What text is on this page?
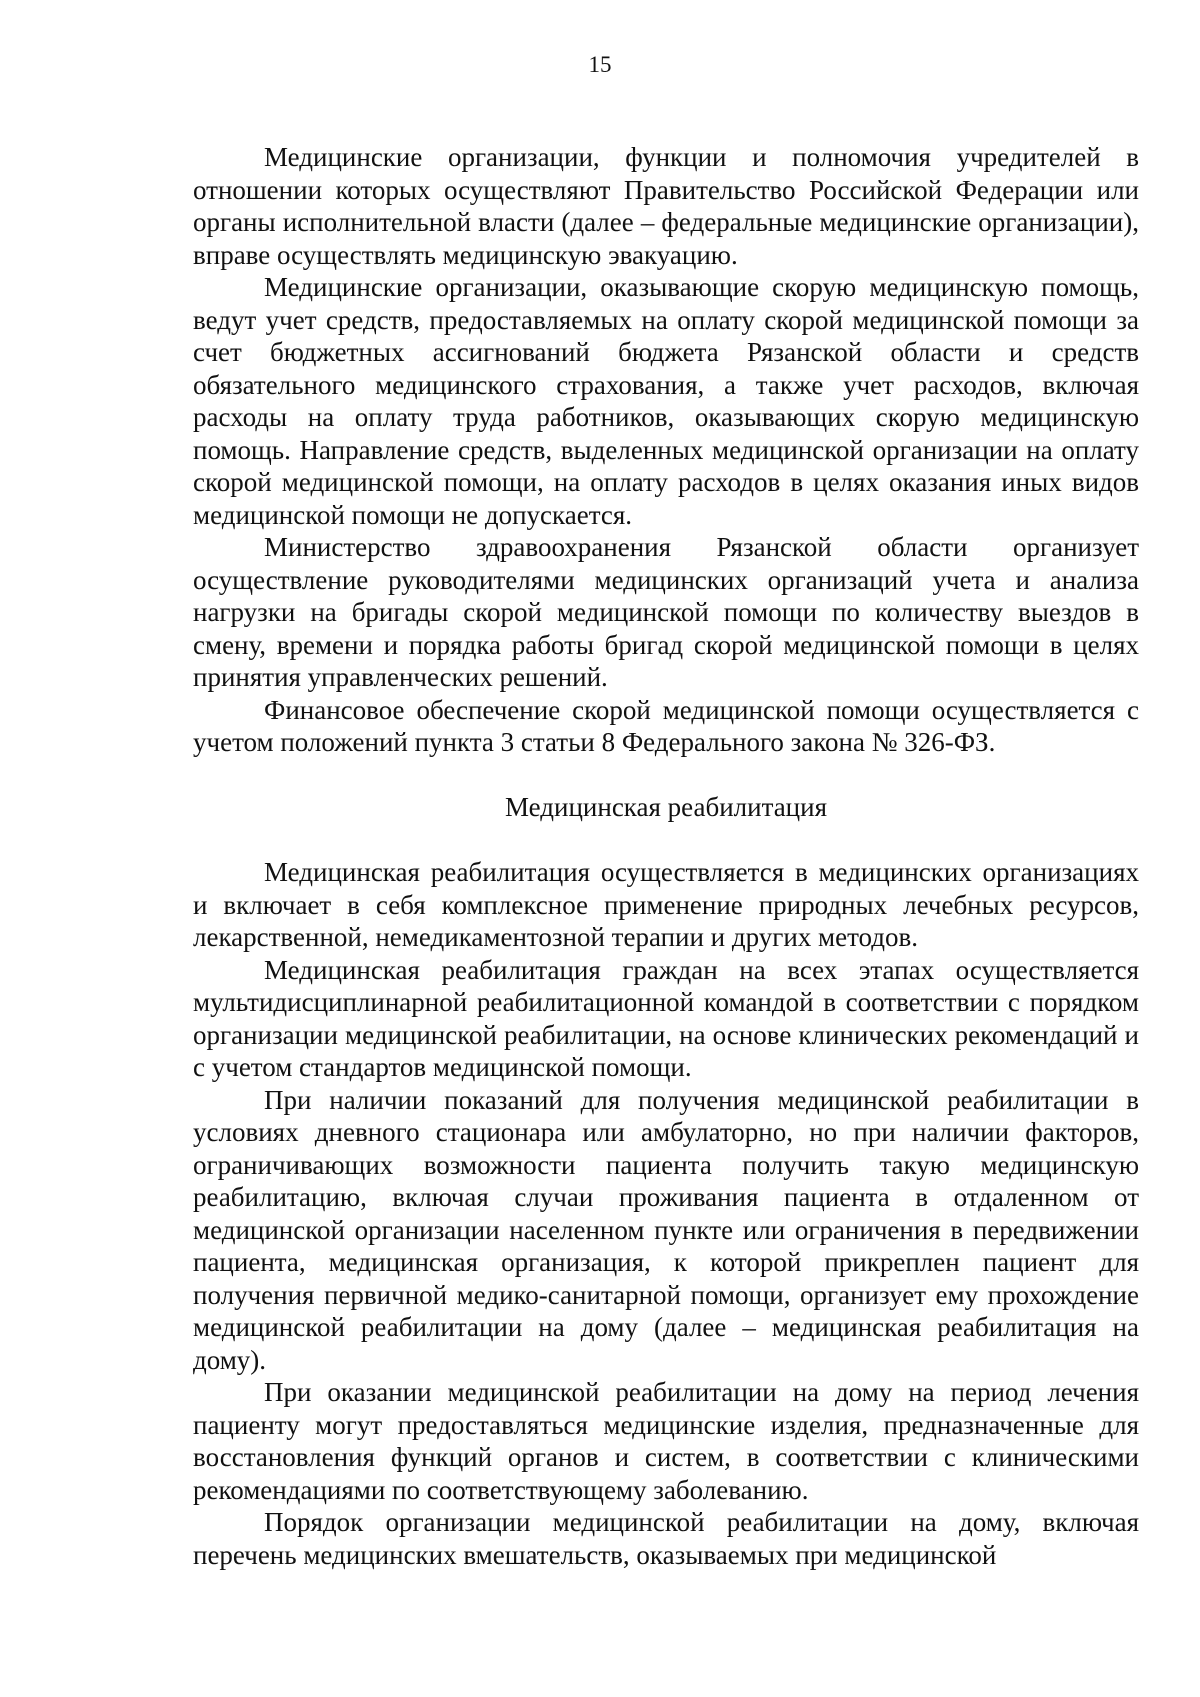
15

Медицинские организации, функции и полномочия учредителей в отношении которых осуществляют Правительство Российской Федерации или органы исполнительной власти (далее – федеральные медицинские организации), вправе осуществлять медицинскую эвакуацию.

Медицинские организации, оказывающие скорую медицинскую помощь, ведут учет средств, предоставляемых на оплату скорой медицинской помощи за счет бюджетных ассигнований бюджета Рязанской области и средств обязательного медицинского страхования, а также учет расходов, включая расходы на оплату труда работников, оказывающих скорую медицинскую помощь. Направление средств, выделенных медицинской организации на оплату скорой медицинской помощи, на оплату расходов в целях оказания иных видов медицинской помощи не допускается.

Министерство здравоохранения Рязанской области организует осуществление руководителями медицинских организаций учета и анализа нагрузки на бригады скорой медицинской помощи по количеству выездов в смену, времени и порядка работы бригад скорой медицинской помощи в целях принятия управленческих решений.

Финансовое обеспечение скорой медицинской помощи осуществляется с учетом положений пункта 3 статьи 8 Федерального закона № 326-ФЗ.

Медицинская реабилитация

Медицинская реабилитация осуществляется в медицинских организациях и включает в себя комплексное применение природных лечебных ресурсов, лекарственной, немедикаментозной терапии и других методов.

Медицинская реабилитация граждан на всех этапах осуществляется мультидисциплинарной реабилитационной командой в соответствии с порядком организации медицинской реабилитации, на основе клинических рекомендаций и с учетом стандартов медицинской помощи.

При наличии показаний для получения медицинской реабилитации в условиях дневного стационара или амбулаторно, но при наличии факторов, ограничивающих возможности пациента получить такую медицинскую реабилитацию, включая случаи проживания пациента в отдаленном от медицинской организации населенном пункте или ограничения в передвижении пациента, медицинская организация, к которой прикреплен пациент для получения первичной медико-санитарной помощи, организует ему прохождение медицинской реабилитации на дому (далее – медицинская реабилитация на дому).

При оказании медицинской реабилитации на дому на период лечения пациенту могут предоставляться медицинские изделия, предназначенные для восстановления функций органов и систем, в соответствии с клиническими рекомендациями по соответствующему заболеванию.

Порядок организации медицинской реабилитации на дому, включая перечень медицинских вмешательств, оказываемых при медицинской
